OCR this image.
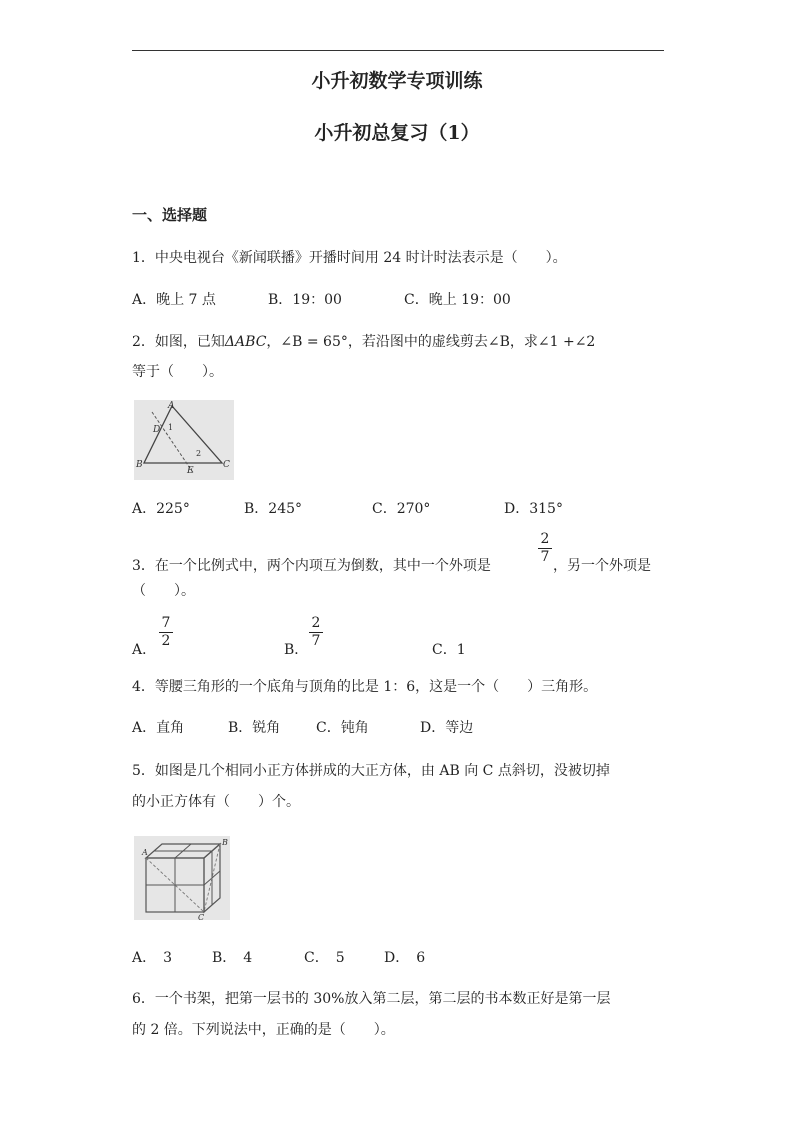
小升初数学专项训练
小升初总复习（1）
一、选择题
1．中央电视台《新闻联播》开播时间用 24 时计时法表示是（　　）。
A．晚上 7 点	B．19：00	C．晚上 19：00
2．如图，已知ΔABC，∠B = 65°，若沿图中的虚线剪去∠B，求∠1 +∠2
等于（　　）。
A
B	C
D
E
1
2
A．225°	B．245°	C．270°	D．315°
3．在一个比例式中，两个内项互为倒数，其中一个外项是
2
7
，另一个外项是
（　　）。
A．
7
2
B．
2
7
C．1
4．等腰三角形的一个底角与顶角的比是 1：6，这是一个（　　）三角形。
A．直角	B．锐角	C．钝角	D．等边
5．如图是几个相同小正方体拼成的大正方体，由 AB 向 C 点斜切，没被切掉
的小正方体有（　　）个。
A
B
C
A．　3	B．　4	C．　5	D．　6
6．一个书架，把第一层书的 30%放入第二层，第二层的书本数正好是第一层
的 2 倍。下列说法中，正确的是（　　）。
